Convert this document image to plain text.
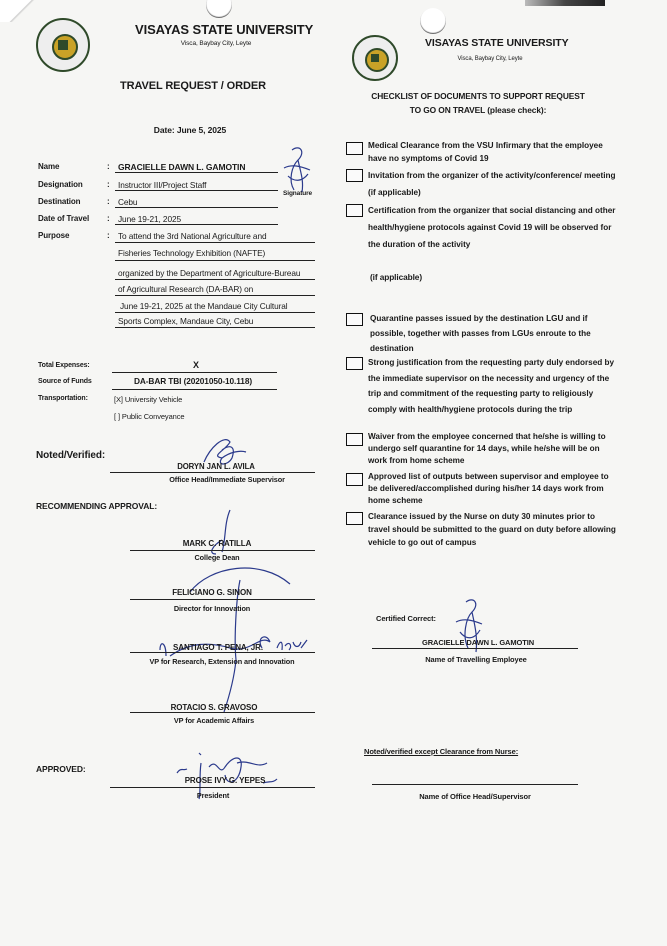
VISAYAS STATE UNIVERSITY
Visca, Baybay City, Leyte
TRAVEL REQUEST / ORDER
Date: June 5, 2025
Name	: GRACIELLE DAWN L. GAMOTIN
Designation	: Instructor III/Project Staff
Signature
Destination	: Cebu
Date of Travel : June 19-21, 2025
Purpose	: To attend the 3rd National Agriculture and
Fisheries Technology Exhibition (NAFTE)
organized by the Department of Agriculture-Bureau
of Agricultural Research (DA-BAR) on
June 19-21, 2025 at the Mandaue City Cultural
Sports Complex, Mandaue City, Cebu
Total Expenses:	X
Source of Funds	DA-BAR TBI (20201050-10.118)
Transportation:	[X] University Vehicle
[ ] Public Conveyance
Noted/Verified:
DORYN JAN L. AVILA
Office Head/Immediate Supervisor
RECOMMENDING APPROVAL:
MARK C. RATILLA
College Dean
FELICIANO G. SINON
Director for Innovation
SANTIAGO T. PENA, JR.
VP for Research, Extension and Innovation
ROTACIO S. GRAVOSO
VP for Academic Affairs
APPROVED:
PROSE IVY G. YEPES
President
VISAYAS STATE UNIVERSITY
Visca, Baybay City, Leyte
CHECKLIST OF DOCUMENTS TO SUPPORT REQUEST
TO GO ON TRAVEL (please check):
Medical Clearance from the VSU Infirmary that the employee have no symptoms of Covid 19
Invitation from the organizer of the activity/conference/ meeting (if applicable)
Certification from the organizer that social distancing and other health/hygiene protocols against Covid 19 will be observed for the duration of the activity
(if applicable)
Quarantine passes issued by the destination LGU and if possible, together with passes from LGUs enroute to the destination
Strong justification from the requesting party duly endorsed by the immediate supervisor on the necessity and urgency of the trip and commitment of the requesting party to religiously comply with health/hygiene protocols during the trip
Waiver from the employee concerned that he/she is willing to undergo self quarantine for 14 days, while he/she will be on work from home scheme
Approved list of outputs between supervisor and employee to be delivered/accomplished during his/her 14 days work from home scheme
Clearance issued by the Nurse on duty 30 minutes prior to travel should be submitted to the guard on duty before allowing vehicle to go out of campus
Certified Correct:
GRACIELLE DAWN L. GAMOTIN
Name of Travelling Employee
Noted/verified except Clearance from Nurse:
Name of Office Head/Supervisor
